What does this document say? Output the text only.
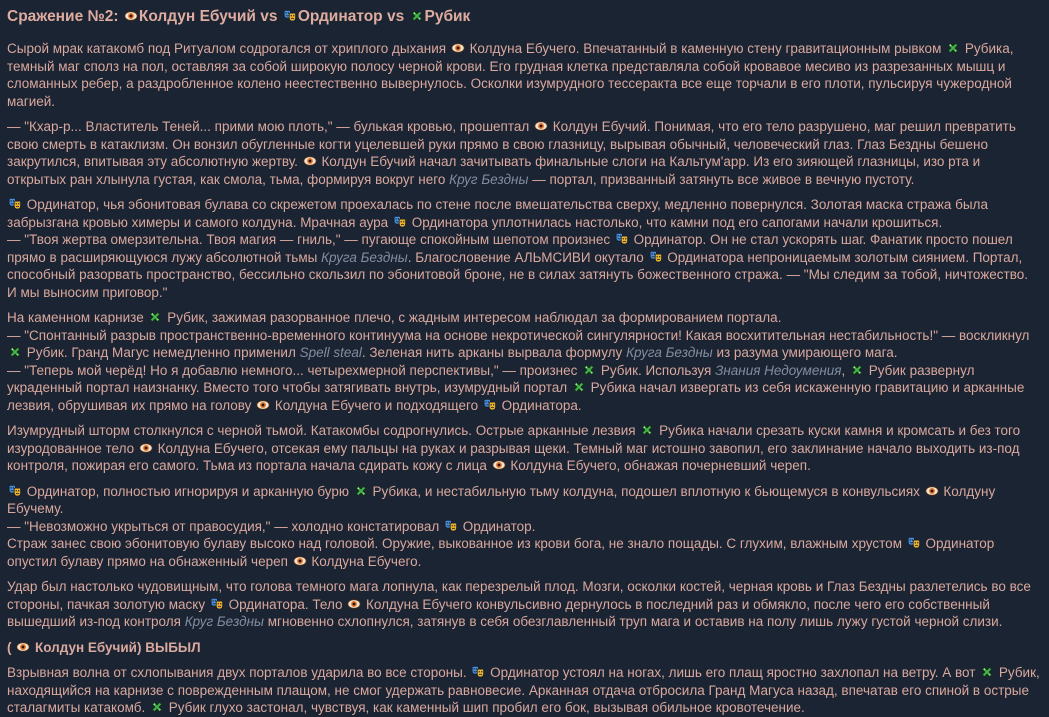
Сражение №2: Колдун Ебучий vs Ординатор vs Рубик

Сырой мрак катакомб под Ритуалом содрогался от хриплого дыхания  Колдуна Ебучего. Впечатанный в каменную стену гравитационным рывком  Рубика, темный маг сполз на пол, оставляя за собой широкую полосу черной крови. Его грудная клетка представляла собой кровавое месиво из разрезанных мышц и сломанных ребер, а раздробленное колено неестественно вывернулось. Осколки изумрудного тессеракта все еще торчали в его плоти, пульсируя чужеродной магией.

— "Кхар-р... Властитель Теней... прими мою плоть," — булькая кровью, прошептал  Колдун Ебучий. Понимая, что его тело разрушено, маг решил превратить свою смерть в катаклизм. Он вонзил обугленные когти уцелевшей руки прямо в свою глазницу, вырывая обычный, человеческий глаз. Глаз Бездны бешено закрутился, впитывая эту абсолютную жертву.  Колдун Ебучий начал зачитывать финальные слоги на Кальтум'арр. Из его зияющей глазницы, изо рта и открытых ран хлынула густая, как смола, тьма, формируя вокруг него Круг Бездны — портал, призванный затянуть все живое в вечную пустоту.

Ординатор, чья эбонитовая булава со скрежетом проехалась по стене после вмешательства сверху, медленно повернулся. Золотая маска стража была забрызгана кровью химеры и самого колдуна. Мрачная аура  Ординатора уплотнилась настолько, что камни под его сапогами начали крошиться.
— "Твоя жертва омерзительна. Твоя магия — гниль," — пугающе спокойным шепотом произнес  Ординатор. Он не стал ускорять шаг. Фанатик просто пошел прямо в расширяющуюся лужу абсолютной тьмы Круга Бездны. Благословение АЛЬМСИВИ окутало  Ординатора непроницаемым золотым сиянием. Портал, способный разорвать пространство, бессильно скользил по эбонитовой броне, не в силах затянуть божественного стража. — "Мы следим за тобой, ничтожество. И мы выносим приговор."

На каменном карнизе  Рубик, зажимая разорванное плечо, с жадным интересом наблюдал за формированием портала.
— "Спонтанный разрыв пространственно-временного континуума на основе некротической сингулярности! Какая восхитительная нестабильность!" — воскликнул  Рубик. Гранд Магус немедленно применил Spell steal. Зеленая нить арканы вырвала формулу Круга Бездны из разума умирающего мага.
— "Теперь мой черёд! Но я добавлю немного... четырехмерной перспективы," — произнес  Рубик. Используя Знания Недоумения,  Рубик развернул украденный портал наизнанку. Вместо того чтобы затягивать внутрь, изумрудный портал  Рубика начал извергать из себя искаженную гравитацию и арканные лезвия, обрушивая их прямо на голову  Колдуна Ебучего и подходящего  Ординатора.

Изумрудный шторм столкнулся с черной тьмой. Катакомбы содрогнулись. Острые арканные лезвия  Рубика начали срезать куски камня и кромсать и без того изуродованное тело  Колдуна Ебучего, отсекая ему пальцы на руках и разрывая щеки. Темный маг истошно завопил, его заклинание начало выходить из-под контроля, пожирая его самого. Тьма из портала начала сдирать кожу с лица  Колдуна Ебучего, обнажая почерневший череп.

Ординатор, полностью игнорируя и арканную бурю  Рубика, и нестабильную тьму колдуна, подошел вплотную к бьющемуся в конвульсиях  Колдуну Ебучему.
— "Невозможно укрыться от правосудия," — холодно констатировал  Ординатор.
Страж занес свою эбонитовую булаву высоко над головой. Оружие, выкованное из крови бога, не знало пощады. С глухим, влажным хрустом  Ординатор опустил булаву прямо на обнаженный череп  Колдуна Ебучего.

Удар был настолько чудовищным, что голова темного мага лопнула, как перезрелый плод. Мозги, осколки костей, черная кровь и Глаз Бездны разлетелись во все стороны, пачкая золотую маску  Ординатора. Тело  Колдуна Ебучего конвульсивно дернулось в последний раз и обмякло, после чего его собственный вышедший из-под контроля Круг Бездны мгновенно схлопнулся, затянув в себя обезглавленный труп мага и оставив на полу лишь лужу густой черной слизи.

(  Колдун Ебучий) ВЫБЫЛ

Взрывная волна от схлопывания двух порталов ударила во все стороны.  Ординатор устоял на ногах, лишь его плащ яростно захлопал на ветру. А вот  Рубик, находящийся на карнизе с поврежденным плащом, не смог удержать равновесие. Арканная отдача отбросила Гранд Магуса назад, впечатав его спиной в острые сталагмиты катакомб.  Рубик глухо застонал, чувствуя, как каменный шип пробил его бок, вызывая обильное кровотечение.
